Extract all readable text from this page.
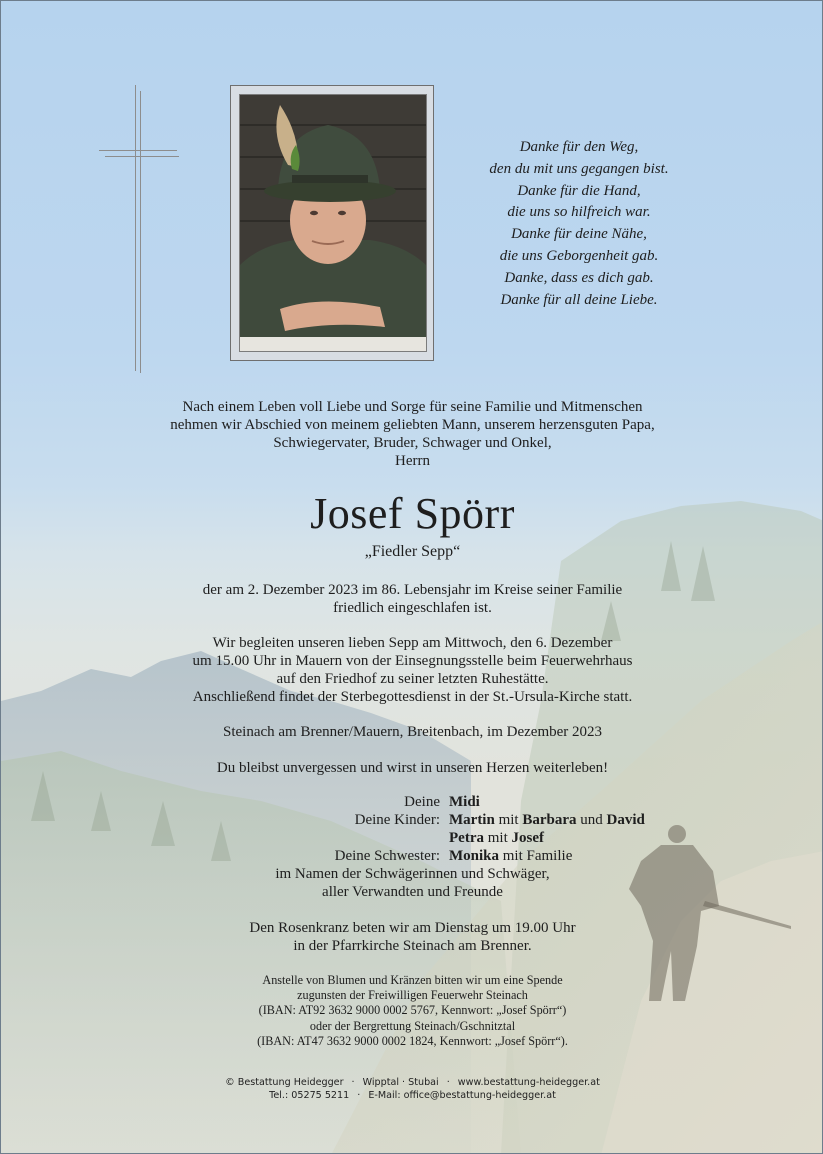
Danke für den Weg,
den du mit uns gegangen bist.
Danke für die Hand,
die uns so hilfreich war.
Danke für deine Nähe,
die uns Geborgenheit gab.
Danke, dass es dich gab.
Danke für all deine Liebe.
Nach einem Leben voll Liebe und Sorge für seine Familie und Mitmenschen
nehmen wir Abschied von meinem geliebten Mann, unserem herzensguten Papa,
Schwiegervater, Bruder, Schwager und Onkel,
Herrn
Josef Spörr
„Fiedler Sepp“
der am 2. Dezember 2023 im 86. Lebensjahr im Kreise seiner Familie
friedlich eingeschlafen ist.
Wir begleiten unseren lieben Sepp am Mittwoch, den 6. Dezember
um 15.00 Uhr in Mauern von der Einsegnungsstelle beim Feuerwehrhaus
auf den Friedhof zu seiner letzten Ruhestätte.
Anschließend findet der Sterbegottesdienst in der St.-Ursula-Kirche statt.
Steinach am Brenner/Mauern, Breitenbach, im Dezember 2023
Du bleibst unvergessen und wirst in unseren Herzen weiterleben!
Deine Midi
Deine Kinder: Martin mit Barbara und David
Petra mit Josef
Deine Schwester: Monika mit Familie
im Namen der Schwägerinnen und Schwäger,
aller Verwandten und Freunde
Den Rosenkranz beten wir am Dienstag um 19.00 Uhr
in der Pfarrkirche Steinach am Brenner.
Anstelle von Blumen und Kränzen bitten wir um eine Spende
zugunsten der Freiwilligen Feuerwehr Steinach
(IBAN: AT92 3632 9000 0002 5767, Kennwort: „Josef Spörr“)
oder der Bergrettung Steinach/Gschnitztal
(IBAN: AT47 3632 9000 0002 1824, Kennwort: „Josef Spörr“).
© Bestattung Heidegger · Wipptal · Stubai · www.bestattung-heidegger.at
Tel.: 05275 5211 · E-Mail: office@bestattung-heidegger.at
